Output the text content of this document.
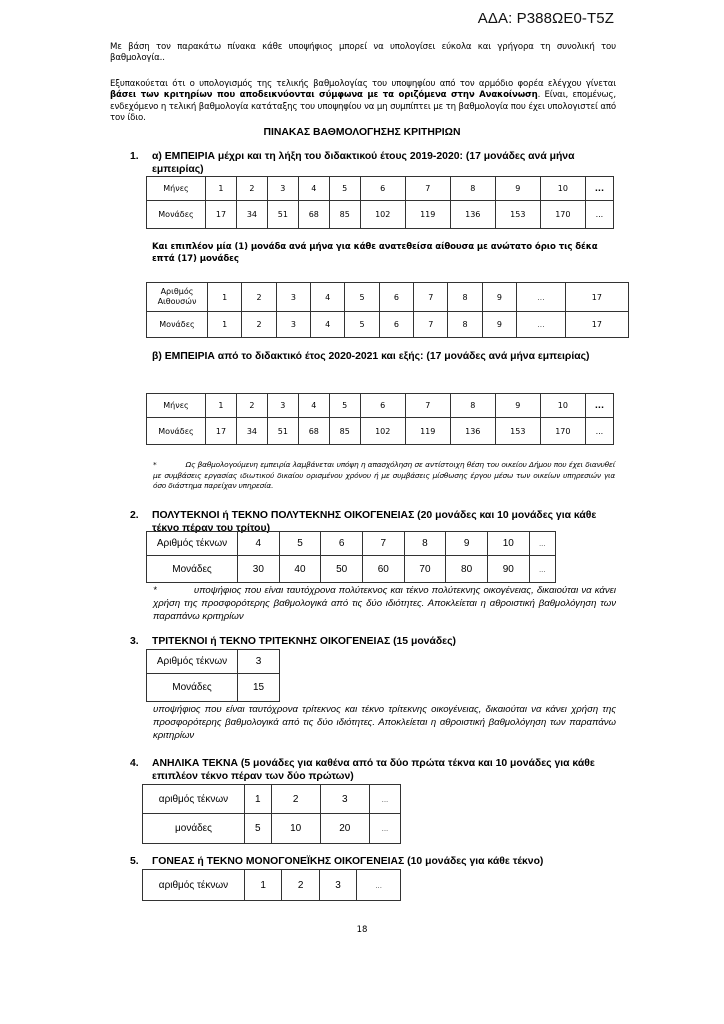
ΑΔΑ: Ρ388ΩΕ0-Τ5Ζ
Με βάση τον παρακάτω πίνακα κάθε υποψήφιος μπορεί να υπολογίσει εύκολα και γρήγορα τη συνολική του βαθμολογία..
Εξυπακούεται ότι ο υπολογισμός της τελικής βαθμολογίας του υποψηφίου από τον αρμόδιο φορέα ελέγχου γίνεται βάσει των κριτηρίων που αποδεικνύονται σύμφωνα με τα οριζόμενα στην Ανακοίνωση. Είναι, επομένως, ενδεχόμενο η τελική βαθμολογία κατάταξης του υποψηφίου να μη συμπίπτει με τη βαθμολογία που έχει υπολογιστεί από τον ίδιο.
ΠΙΝΑΚΑΣ ΒΑΘΜΟΛΟΓΗΣΗΣ ΚΡΙΤΗΡΙΩΝ
1. α) ΕΜΠΕΙΡΙΑ μέχρι και τη λήξη του διδακτικού έτους 2019-2020: (17 μονάδες ανά μήνα εμπειρίας)
Μήνες	1	2	3	4	5	6	7	8	9	10	...
Μονάδες	17	34	51	68	85	102	119	136	153	170	...
Και επιπλέον μία (1) μονάδα ανά μήνα για κάθε ανατεθείσα αίθουσα με ανώτατο όριο τις δέκα επτά (17) μονάδες
Αριθμός Αιθουσών	1	2	3	4	5	6	7	8	9	...	17
Μονάδες	1	2	3	4	5	6	7	8	9	...	17
β) ΕΜΠΕΙΡΙΑ από το διδακτικό έτος 2020-2021 και εξής: (17 μονάδες ανά μήνα εμπειρίας)
Μήνες	1	2	3	4	5	6	7	8	9	10	...
Μονάδες	17	34	51	68	85	102	119	136	153	170	...
*            Ως βαθμολογούμενη εμπειρία λαμβάνεται υπόψη η απασχόληση σε αντίστοιχη θέση του οικείου Δήμου που έχει διανυθεί με συμβάσεις εργασίας ιδιωτικού δικαίου ορισμένου χρόνου ή με συμβάσεις μίσθωσης έργου μέσω των οικείων υπηρεσιών για όσο διάστημα παρείχαν υπηρεσία.
2. ΠΟΛΥΤΕΚΝΟΙ ή ΤΕΚΝΟ ΠΟΛΥΤΕΚΝΗΣ ΟΙΚΟΓΕΝΕΙΑΣ (20 μονάδες και 10 μονάδες για κάθε τέκνο πέραν του τρίτου)
Αριθμός τέκνων	4	5	6	7	8	9	10	...
Μονάδες	30	40	50	60	70	80	90	...
*            υποψήφιος που είναι ταυτόχρονα πολύτεκνος και τέκνο πολύτεκνης οικογένειας, δικαιούται να κάνει χρήση της προσφορότερης βαθμολογικά από τις δύο ιδιότητες. Αποκλείεται η αθροιστική βαθμολόγηση των παραπάνω κριτηρίων
3. ΤΡΙΤΕΚΝΟΙ ή ΤΕΚΝΟ ΤΡΙΤΕΚΝΗΣ ΟΙΚΟΓΕΝΕΙΑΣ (15 μονάδες)
Αριθμός τέκνων	3
Μονάδες	15
υποψήφιος που είναι ταυτόχρονα τρίτεκνος και τέκνο τρίτεκνης οικογένειας, δικαιούται να κάνει χρήση της προσφορότερης βαθμολογικά από τις δύο ιδιότητες. Αποκλείεται η αθροιστική βαθμολόγηση των παραπάνω κριτηρίων
4. ΑΝΗΛΙΚΑ ΤΕΚΝΑ (5 μονάδες για καθένα από τα δύο πρώτα τέκνα και 10 μονάδες για κάθε επιπλέον τέκνο πέραν των δύο πρώτων)
αριθμός τέκνων	1	2	3	...
μονάδες	5	10	20	...
5. ΓΟΝΕΑΣ ή ΤΕΚΝΟ ΜΟΝΟΓΟΝΕΪΚΗΣ ΟΙΚΟΓΕΝΕΙΑΣ (10 μονάδες για κάθε τέκνο)
αριθμός τέκνων	1	2	3	...
18
